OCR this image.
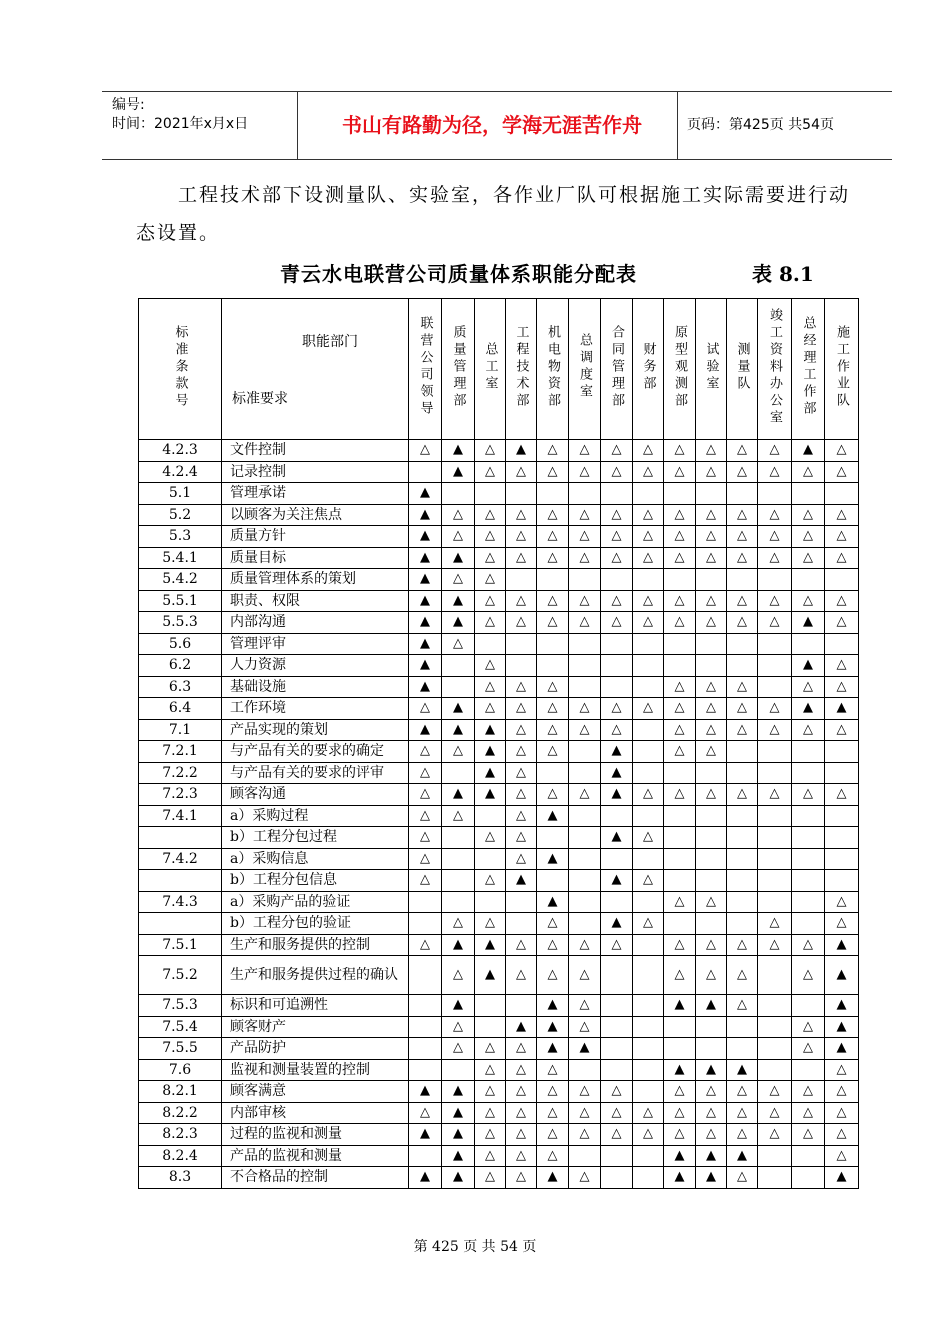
编号:
时间：2021年x月x日	书山有路勤为径，学海无涯苦作舟	页码：第425页 共54页
工程技术部下设测量队、实验室，各作业厂队可根据施工实际需要进行动态设置。
青云水电联营公司质量体系职能分配表	表 8.1
标准条款号	职能部门
标准要求	联营公司领导	质量管理部	总工室	工程技术部	机电物资部	总调度室	合同管理部	财务部	原型观测部	试验室	测量队	竣工资料办公室	总经理工作部	施工作业队
4.2.3	文件控制	△	▲	△	▲	△	△	△	△	△	△	△	△	▲	△
4.2.4	记录控制		▲	△	△	△	△	△	△	△	△	△	△	△	△
5.1	管理承诺	▲													
5.2	以顾客为关注焦点	▲	△	△	△	△	△	△	△	△	△	△	△	△	△
5.3	质量方针	▲	△	△	△	△	△	△	△	△	△	△	△	△	△
5.4.1	质量目标	▲	▲	△	△	△	△	△	△	△	△	△	△	△	△
5.4.2	质量管理体系的策划	▲	△	△											
5.5.1	职责、权限	▲	▲	△	△	△	△	△	△	△	△	△	△	△	△
5.5.3	内部沟通	▲	▲	△	△	△	△	△	△	△	△	△	△	▲	△
5.6	管理评审	▲	△												
6.2	人力资源	▲		△										▲	△
6.3	基础设施	▲		△	△	△				△	△	△		△	△
6.4	工作环境	△	▲	△	△	△	△	△	△	△	△	△	△	▲	▲
7.1	产品实现的策划	▲	▲	▲	△	△	△	△		△	△	△	△	△	△
7.2.1	与产品有关的要求的确定	△	△	▲	△	△		▲		△	△				
7.2.2	与产品有关的要求的评审	△		▲	△			▲							
7.2.3	顾客沟通	△	▲	▲	△	△	△	▲	△	△	△	△	△	△	△
7.4.1	a）采购过程	△	△		△	▲									
	b）工程分包过程	△		△	△			▲	△						
7.4.2	a）采购信息	△			△	▲									
	b）工程分包信息	△		△	▲			▲	△						
7.4.3	a）采购产品的验证					▲				△	△				△
	b）工程分包的验证		△	△		△		▲	△				△		△
7.5.1	生产和服务提供的控制	△	▲	▲	△	△	△	△		△	△	△	△	△	▲
7.5.2	生产和服务提供过程的确认		△	▲	△	△	△			△	△	△		△	▲
7.5.3	标识和可追溯性		▲			▲	△			▲	▲	△			▲
7.5.4	顾客财产		△		▲	▲	△							△	▲
7.5.5	产品防护		△	△	△	▲	▲							△	▲
7.6	监视和测量装置的控制			△	△	△				▲	▲	▲			△
8.2.1	顾客满意	▲	▲	△	△	△	△	△		△	△	△	△	△	△
8.2.2	内部审核	△	▲	△	△	△	△	△	△	△	△	△	△	△	△
8.2.3	过程的监视和测量	▲	▲	△	△	△	△	△	△	△	△	△	△	△	△
8.2.4	产品的监视和测量		▲	△	△	△				▲	▲	▲			△
8.3	不合格品的控制	▲	▲	△	△	▲	△			▲	▲	△			▲
第 425 页 共 54 页
